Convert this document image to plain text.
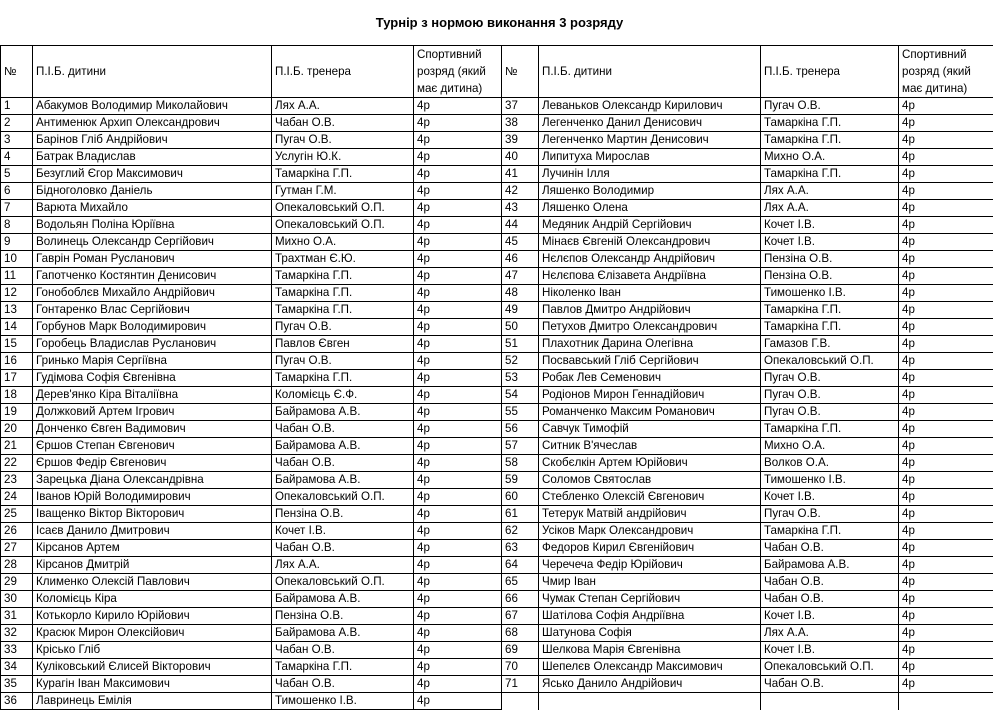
Турнір з нормою виконання 3 розряду
№	П.І.Б. дитини	П.І.Б. тренера	Спортивний розряд (який має дитина)	№	П.І.Б. дитини	П.І.Б. тренера	Спортивний розряд (який має дитина)
1	Абакумов Володимир Миколайович	Лях А.А.	4р	37	Леваньков Олександр Кирилович	Пугач О.В.	4р
2	Антименюк Архип Олександрович	Чабан О.В.	4р	38	Легенченко Данил Денисович	Тамаркіна Г.П.	4р
3	Барінов Гліб Андрійович	Пугач О.В.	4р	39	Легенченко Мартин Денисович	Тамаркіна Г.П.	4р
4	Батрак Владислав	Услугін Ю.К.	4р	40	Липитуха Мирослав	Михно О.А.	4р
5	Безуглий Єгор Максимович	Тамаркіна Г.П.	4р	41	Лучинін Ілля	Тамаркіна Г.П.	4р
6	Бідноголовко Даніель	Гутман Г.М.	4р	42	Ляшенко Володимир	Лях А.А.	4р
7	Варюта Михайло	Опекаловський О.П.	4р	43	Ляшенко Олена	Лях А.А.	4р
8	Водольян Поліна Юріївна	Опекаловський О.П.	4р	44	Медяник Андрій Сергійович	Кочет І.В.	4р
9	Волинець Олександр Сергійович	Михно О.А.	4р	45	Мінаєв Євгеній Олександрович	Кочет І.В.	4р
10	Гаврін Роман Русланович	Трахтман Є.Ю.	4р	46	Нєлєпов Олександр Андрійович	Пензіна О.В.	4р
11	Гапотченко Костянтин Денисович	Тамаркіна Г.П.	4р	47	Нєлєпова Єлізавета Андріївна	Пензіна О.В.	4р
12	Гонобоблєв Михайло Андрійович	Тамаркіна Г.П.	4р	48	Ніколенко Іван	Тимошенко І.В.	4р
13	Гонтаренко Влас Сергійович	Тамаркіна Г.П.	4р	49	Павлов Дмитро Андрійович	Тамаркіна Г.П.	4р
14	Горбунов Марк Володимирович	Пугач О.В.	4р	50	Петухов Дмитро Олександрович	Тамаркіна Г.П.	4р
15	Горобець Владислав Русланович	Павлов Євген	4р	51	Плахотник Дарина Олегівна	Гамазов Г.В.	4р
16	Гринько Марія Сергіївна	Пугач О.В.	4р	52	Посвавський Гліб Сергійович	Опекаловський О.П.	4р
17	Гудімова Софія Євгенівна	Тамаркіна Г.П.	4р	53	Робак Лев Семенович	Пугач О.В.	4р
18	Дерев'янко Кіра Віталіївна	Коломієць Є.Ф.	4р	54	Родіонов Мирон Геннадійович	Пугач О.В.	4р
19	Должковий Артем Ігрович	Байрамова А.В.	4р	55	Романченко Максим Романович	Пугач О.В.	4р
20	Донченко Євген Вадимович	Чабан О.В.	4р	56	Савчук Тимофій	Тамаркіна Г.П.	4р
21	Єршов Степан Євгенович	Байрамова А.В.	4р	57	Ситник В'ячеслав	Михно О.А.	4р
22	Єршов Федір Євгенович	Чабан О.В.	4р	58	Скобєлкін Артем Юрійович	Волков О.А.	4р
23	Зарецька Діана Олександрівна	Байрамова А.В.	4р	59	Соломов Святослав	Тимошенко І.В.	4р
24	Іванов Юрій Володимирович	Опекаловський О.П.	4р	60	Стебленко Олексій Євгенович	Кочет І.В.	4р
25	Іващенко Віктор Вікторович	Пензіна О.В.	4р	61	Тетерук Матвій андрійович	Пугач О.В.	4р
26	Ісаєв Данило Дмитрович	Кочет І.В.	4р	62	Усіков Марк Олександрович	Тамаркіна Г.П.	4р
27	Кірсанов Артем	Чабан О.В.	4р	63	Федоров Кирил Євгенійович	Чабан О.В.	4р
28	Кірсанов Дмитрій	Лях А.А.	4р	64	Черечеча Федір Юрійович	Байрамова А.В.	4р
29	Клименко Олексій Павлович	Опекаловський О.П.	4р	65	Чмир Іван	Чабан О.В.	4р
30	Коломієць Кіра	Байрамова А.В.	4р	66	Чумак Степан Сергійович	Чабан О.В.	4р
31	Котькорло Кирило Юрійович	Пензіна О.В.	4р	67	Шатілова Софія Андріївна	Кочет І.В.	4р
32	Красюк Мирон Олексійович	Байрамова А.В.	4р	68	Шатунова Софія	Лях А.А.	4р
33	Крісько Гліб	Чабан О.В.	4р	69	Шелкова Марія Євгенівна	Кочет І.В.	4р
34	Куліковський Єлисей Вікторович	Тамаркіна Г.П.	4р	70	Шепелєв Олександр Максимович	Опекаловський О.П.	4р
35	Курагін Іван Максимович	Чабан О.В.	4р	71	Ясько Данило Андрійович	Чабан О.В.	4р
36	Лавринець Емілія	Тимошенко І.В.	4р				
